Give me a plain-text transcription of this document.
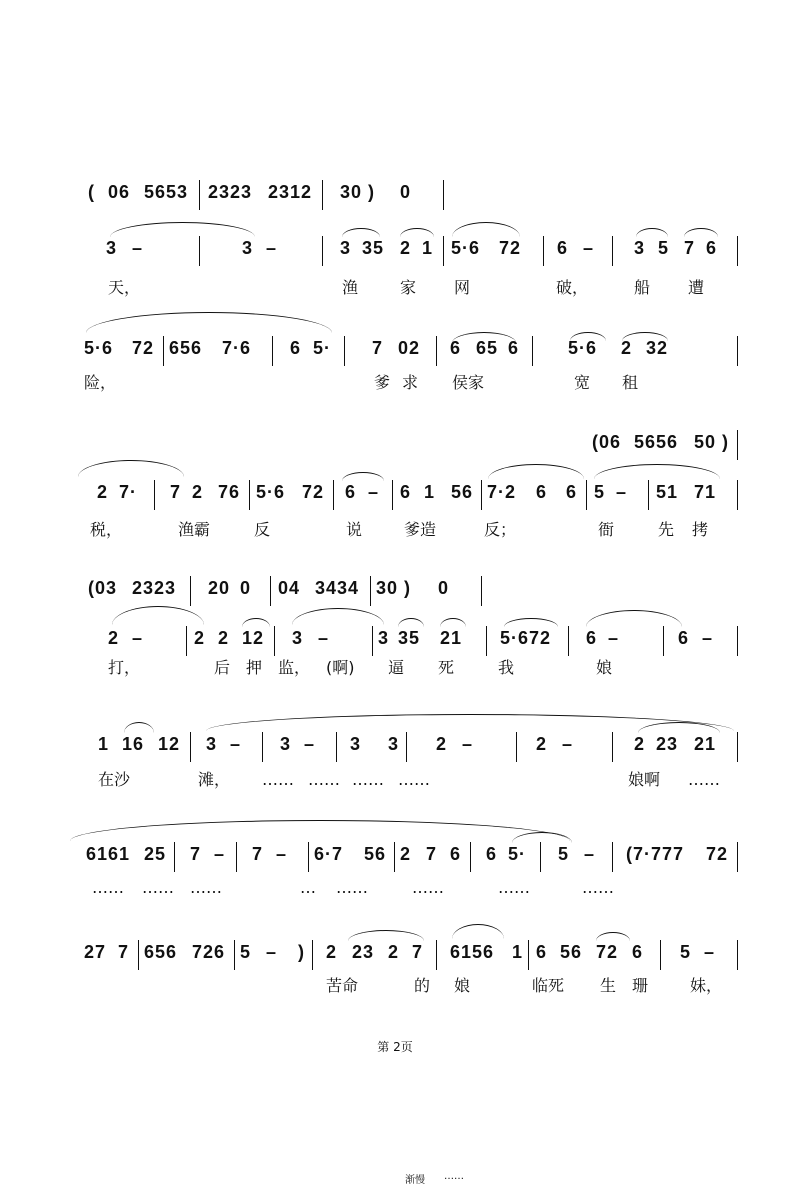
( 06 5653 2323 2312 30 ) 0
3 –	3 –	3 35 2 1 5·6 72 6 – 3 5 7 6
天，	渔	家 网	破，	船 遭
5·6 72 656 7·6 6 5· 7 02 6 65 6	5·6 2 32
险，	爹 求 侯家	宽 租
(06 5656 50 )
2 7· 7 2 76 5·6 72 6 – 6 1 56 7·2 6 6 5 – 51 71
税，	渔霸	反	说	爹造	反；	衙	先 拷
(03 2323 20 0 04 3434 30 ) 0
渐慢 ……
2 –	2 2 12 3 –	3 35 21 5·672 6 –	6 –
打，	后 押 监， (啊) 逼 死	我	娘
1 16 12 3 – 3 – 3 3 2 –	2 –	2 23 21
在沙	滩， …… …… …… ……	娘啊 ……
6161 25 7 – 7 – 6·7 56 2 7 6 6 5· 5 – (7·777 72
…… …… ……	… ……	……	……	……
27 7 656 726 5 – ) 2 23 2 7 6156 1 6 56 72 6 5 –
苦命	的 娘	临死 生 珊	妹，
第 2页
